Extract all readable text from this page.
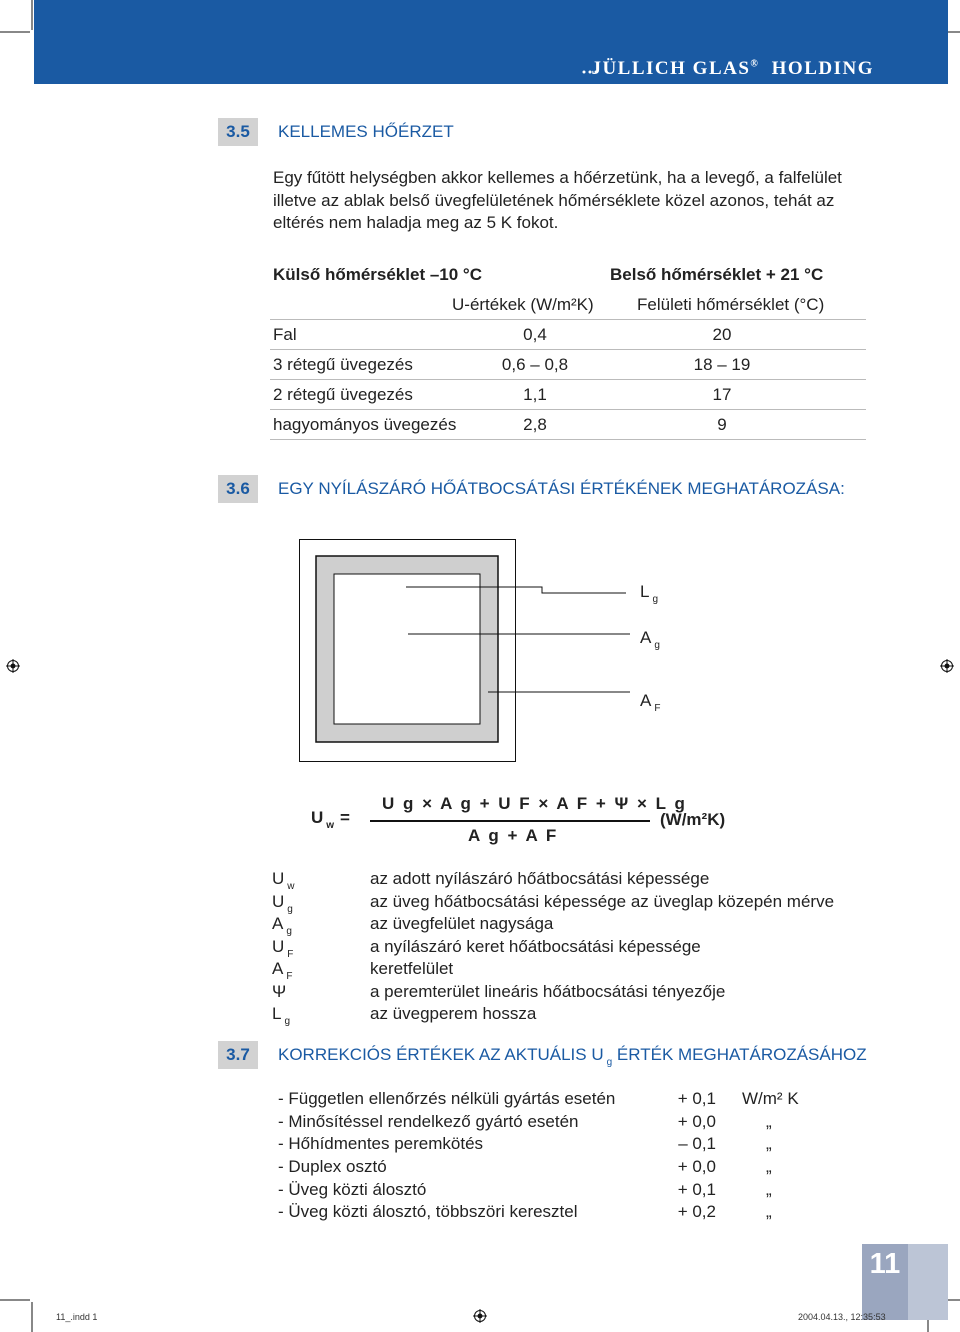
JÜLLICH GLAS® HOLDING
3.5	KELLEMES HŐÉRZET
Egy fűtött helységben akkor kellemes a hőérzetünk, ha a levegő, a falfelület
illetve az ablak belső üvegfelületének hőmérséklete közel azonos, tehát az
eltérés nem haladja meg az 5 K fokot.
Külső hőmérséklet –10 °C	Belső hőmérséklet + 21 °C
U-értékek (W/m²K)	Felületi hőmérséklet (°C)
Fal	0,4	20
3 rétegű üvegezés	0,6 – 0,8	18 – 19
2 rétegű üvegezés	1,1	17
hagyományos üvegezés	2,8	9
3.6	EGY NYÍLÁSZÁRÓ HŐÁTBOCSÁTÁSI ÉRTÉKÉNEK MEGHATÁROZÁSA:
L $_g$
A $_g$
A $_F$
U $_w$ =
U g × A g + U F × A F + Ψ × L g
A g + A F
(W/m²K)
U $_w$	az adott nyílászáró hőátbocsátási képessége
U $_g$	az üveg hőátbocsátási képessége az üveglap közepén mérve
A $_g$	az üvegfelület nagysága
U $_F$	a nyílászáró keret hőátbocsátási képessége
A $_F$	keretfelület
Ψ	a peremterület lineáris hőátbocsátási tényezője
L $_g$	az üvegperem hossza
3.7	KORREKCIÓS ÉRTÉKEK AZ AKTUÁLIS U $_g$ ÉRTÉK MEGHATÁROZÁSÁHOZ
- Független ellenőrzés nélküli gyártás esetén	+ 0,1 W/m² K
- Minősítéssel rendelkező gyártó esetén	+ 0,0	„
- Hőhídmentes peremkötés	– 0,1	„
- Duplex osztó	+ 0,0	„
- Üveg közti álosztó	+ 0,1	„
- Üveg közti álosztó, többszöri keresztel	+ 0,2	„
11
11_.indd 1	2004.04.13., 12:35:53
